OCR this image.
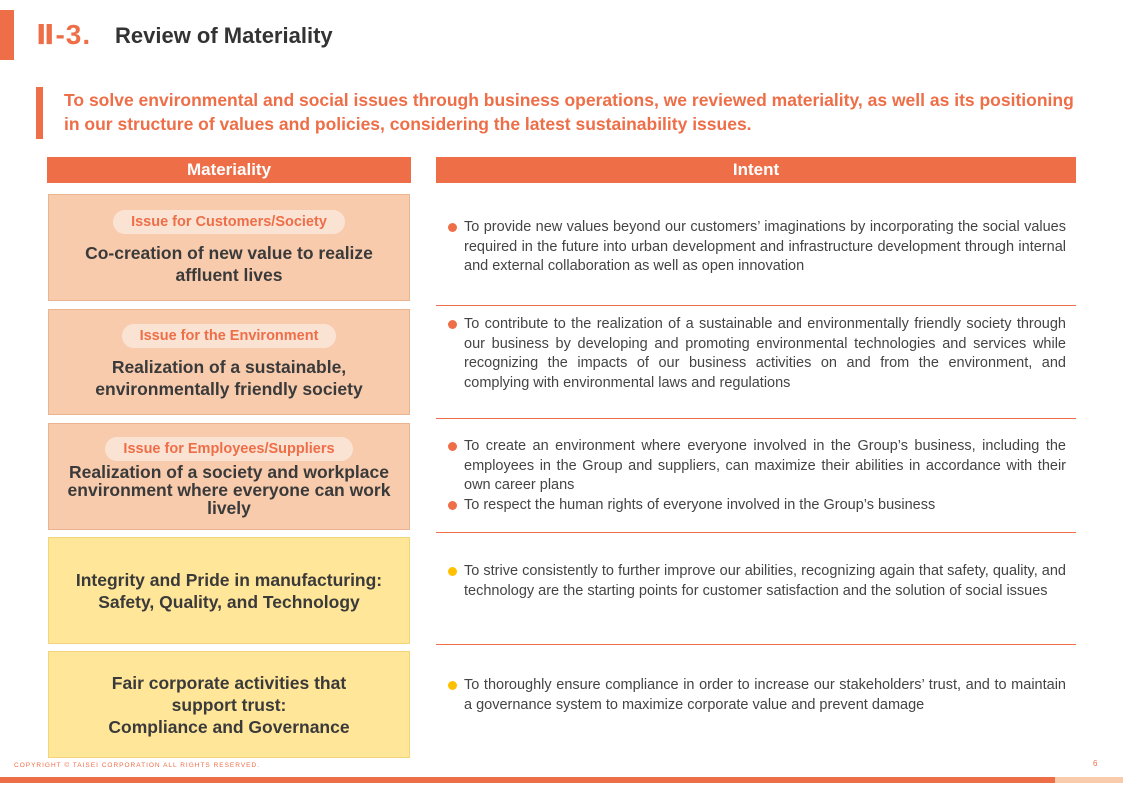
Ⅱ-3. Review of Materiality
To solve environmental and social issues through business operations, we reviewed materiality, as well as its positioning in our structure of values and policies, considering the latest sustainability issues.
Materiality	Intent
Issue for Customers/Society
Co-creation of new value to realize affluent lives
To provide new values beyond our customers’ imaginations by incorporating the social values required in the future into urban development and infrastructure development through internal and external collaboration as well as open innovation
Issue for the Environment
Realization of a sustainable, environmentally friendly society
To contribute to the realization of a sustainable and environmentally friendly society through our business by developing and promoting environmental technologies and services while recognizing the impacts of our business activities on and from the environment, and complying with environmental laws and regulations
Issue for Employees/Suppliers
Realization of a society and workplace environment where everyone can work lively
To create an environment where everyone involved in the Group’s business, including the employees in the Group and suppliers, can maximize their abilities in accordance with their own career plans
To respect the human rights of everyone involved in the Group’s business
Integrity and Pride in manufacturing:
Safety, Quality, and Technology
To strive consistently to further improve our abilities, recognizing again that safety, quality, and technology are the starting points for customer satisfaction and the solution of social issues
Fair corporate activities that support trust:
Compliance and Governance
To thoroughly ensure compliance in order to increase our stakeholders’ trust, and to maintain a governance system to maximize corporate value and prevent damage
COPYRIGHT © TAISEI CORPORATION ALL RIGHTS RESERVED.	6
